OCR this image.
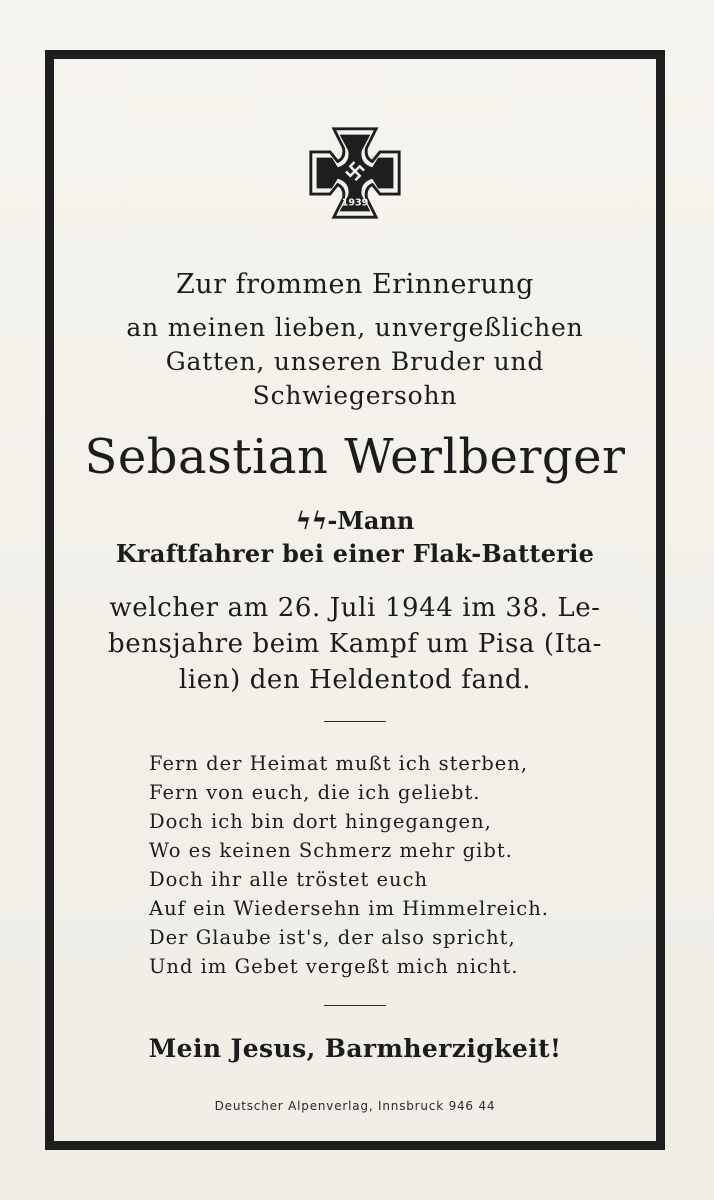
1939
Zur frommen Erinnerung
an meinen lieben, unvergeßlichen
Gatten, unseren Bruder und
Schwiegersohn
Sebastian Werlberger
ϟϟ-Mann
Kraftfahrer bei einer Flak-Batterie
welcher am 26. Juli 1944 im 38. Le-
bensjahre beim Kampf um Pisa (Ita-
lien) den Heldentod fand.
Fern der Heimat mußt ich sterben,
Fern von euch, die ich geliebt.
Doch ich bin dort hingegangen,
Wo es keinen Schmerz mehr gibt.
Doch ihr alle tröstet euch
Auf ein Wiedersehn im Himmelreich.
Der Glaube ist's, der also spricht,
Und im Gebet vergeßt mich nicht.
Mein Jesus, Barmherzigkeit!
Deutscher Alpenverlag, Innsbruck 946 44
